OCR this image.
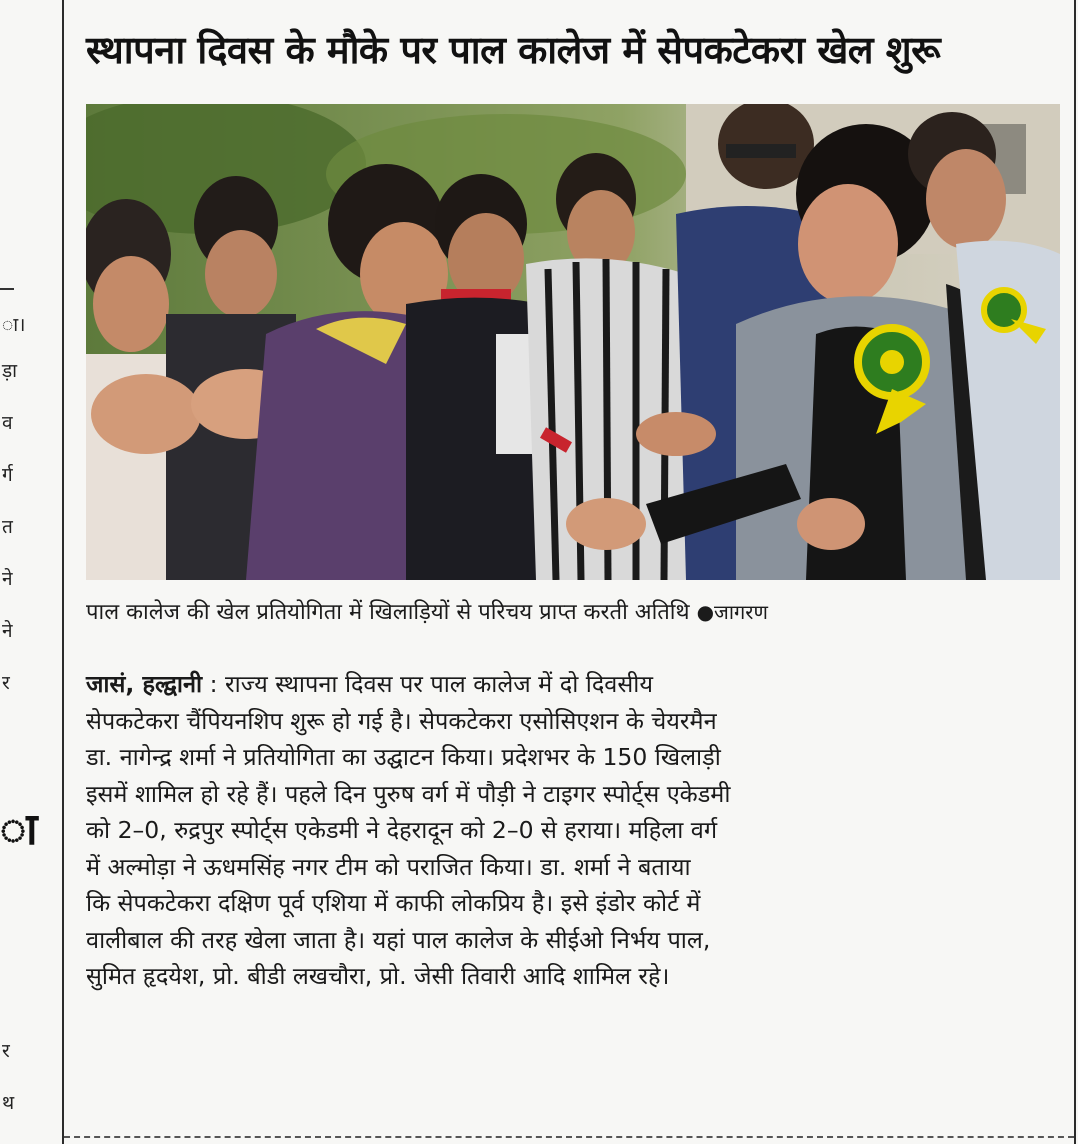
ा।
ड़ा
व
र्ग
त
ने
ने
र
ा
र
थ
स्थापना दिवस के मौके पर पाल कालेज में सेपकटेकरा खेल शुरू
पाल कालेज की खेल प्रतियोगिता में खिलाड़ियों से परिचय प्राप्त करती अतिथि ●जागरण
जासं, हल्द्वानी : राज्य स्थापना दिवस पर पाल कालेज में दो दिवसीय
सेपकटेकरा चैंपियनशिप शुरू हो गई है। सेपकटेकरा एसोसिएशन के चेयरमैन
डा. नागेन्द्र शर्मा ने प्रतियोगिता का उद्घाटन किया। प्रदेशभर के 150 खिलाड़ी
इसमें शामिल हो रहे हैं। पहले दिन पुरुष वर्ग में पौड़ी ने टाइगर स्पोर्ट्स एकेडमी
को 2–0, रुद्रपुर स्पोर्ट्स एकेडमी ने देहरादून को 2–0 से हराया। महिला वर्ग
में अल्मोड़ा ने ऊधमसिंह नगर टीम को पराजित किया। डा. शर्मा ने बताया
कि सेपकटेकरा दक्षिण पूर्व एशिया में काफी लोकप्रिय है। इसे इंडोर कोर्ट में
वालीबाल की तरह खेला जाता है। यहां पाल कालेज के सीईओ निर्भय पाल,
सुमित हृदयेश, प्रो. बीडी लखचौरा, प्रो. जेसी तिवारी आदि शामिल रहे।
